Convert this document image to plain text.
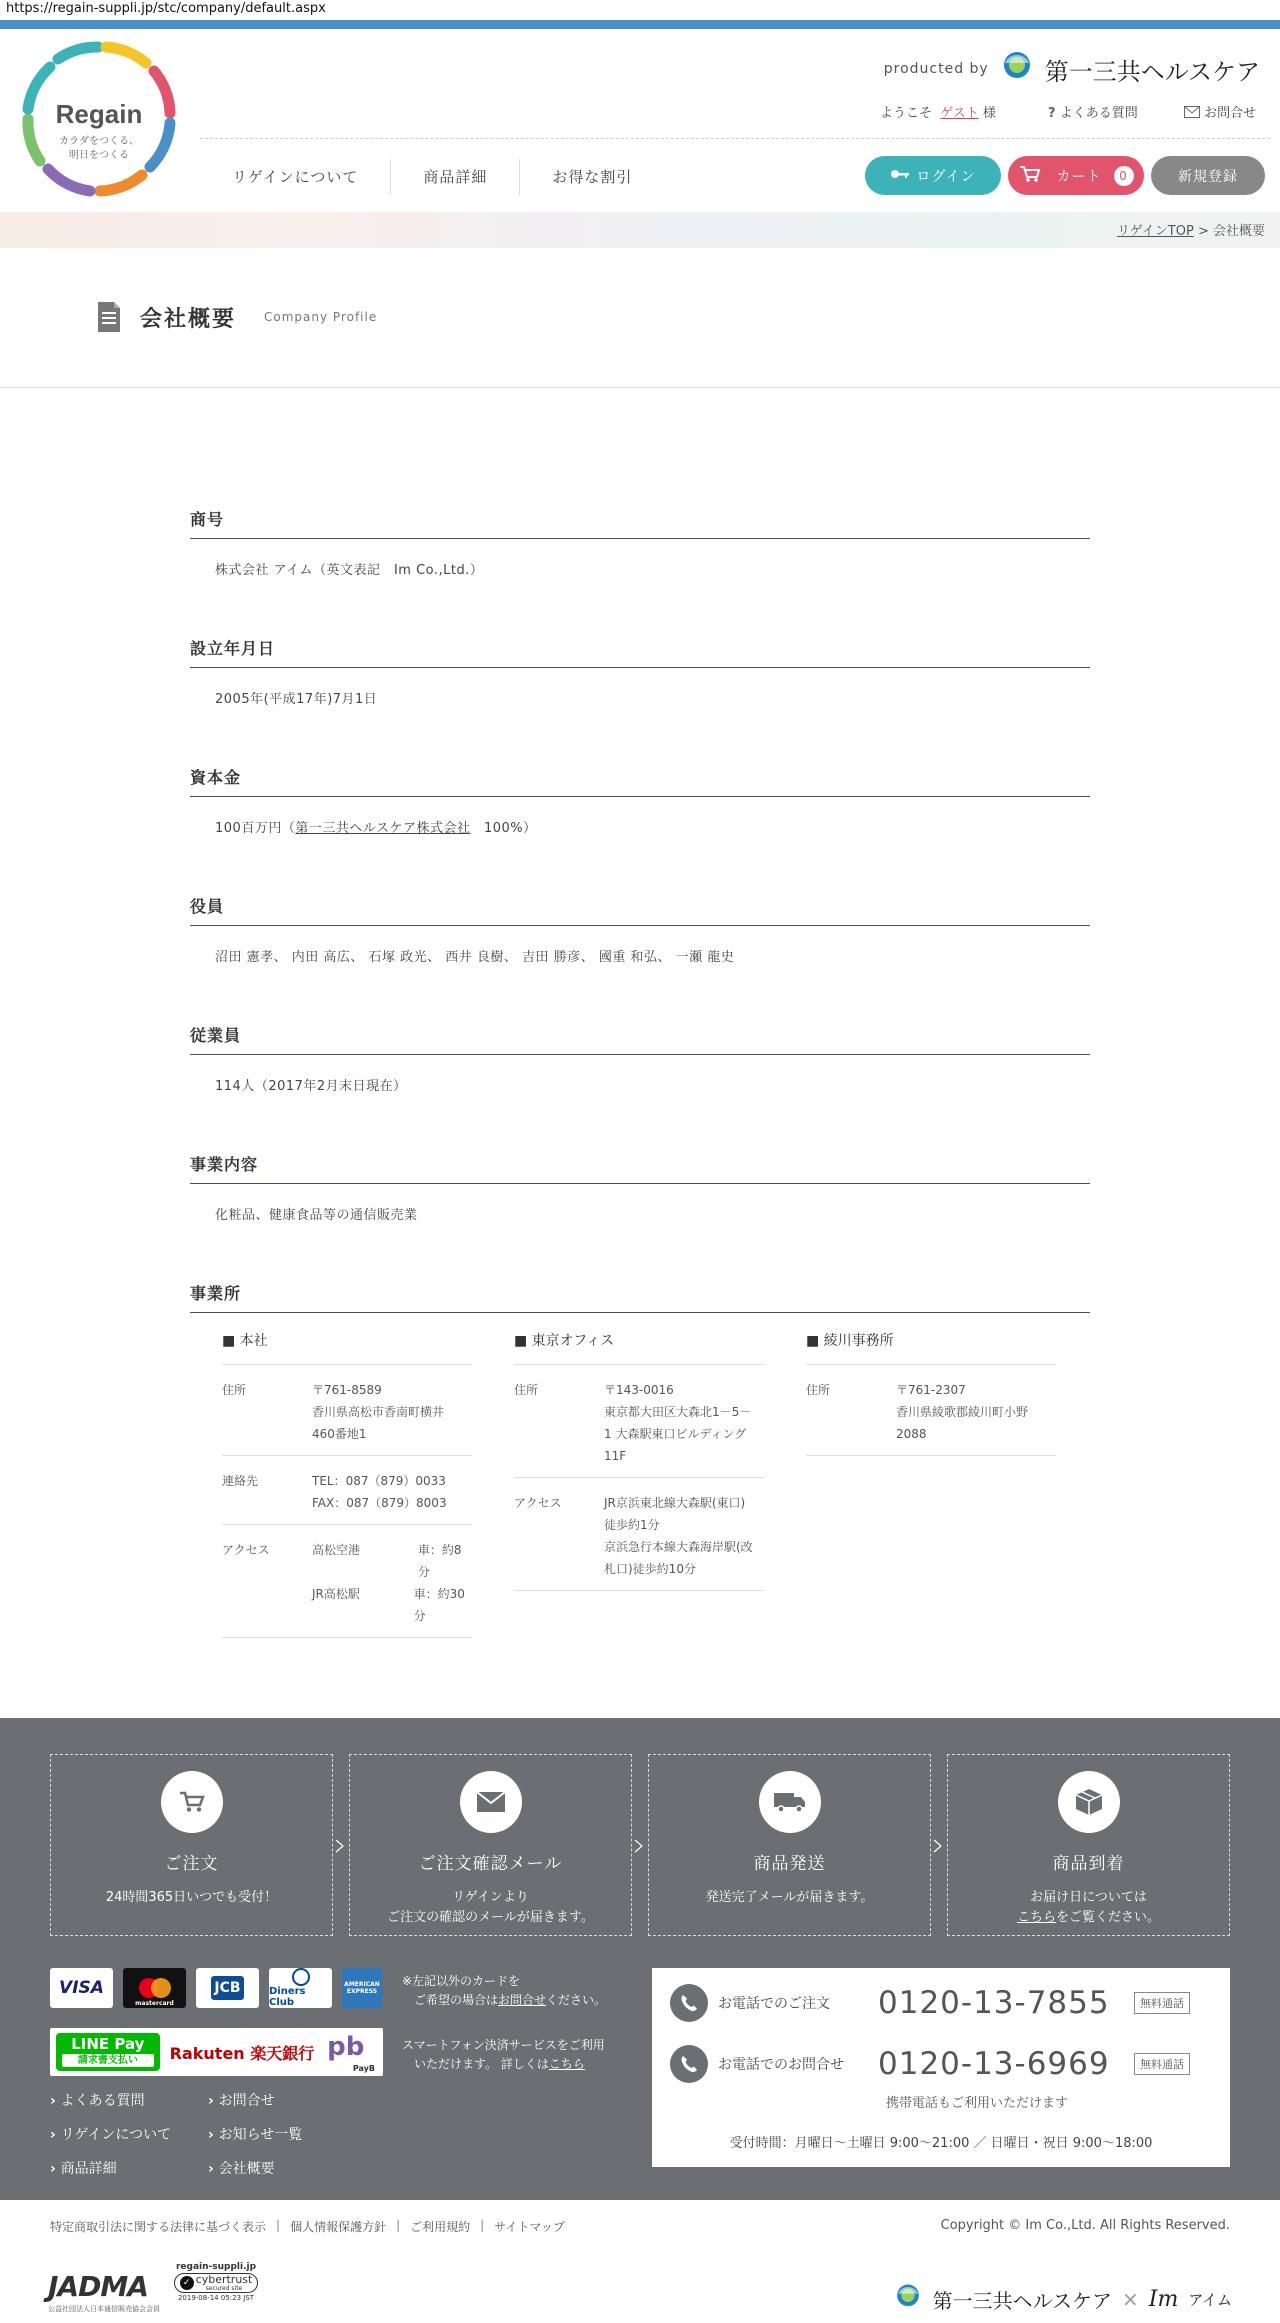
https://regain-suppli.jp/stc/company/default.aspx
Regain
カラダをつくる、
明日をつくる
producted by 第一三共ヘルスケア
ようこそ ゲスト 様	? よくある質問	お問合せ
リゲインについて	商品詳細	お得な割引	ログイン	カート	0	新規登録
リゲインTOP > 会社概要
会社概要 Company Profile
商号

株式会社 アイム（英文表記　Im Co.,Ltd.）

設立年月日

2005年(平成17年)7月1日

資本金

100百万円（第一三共ヘルスケア株式会社　100%）

役員

沼田 憲孝、 内田 高広、 石塚 政光、 西井 良樹、 吉田 勝彦、 國重 和弘、 一瀬 龍史

従業員

114人（2017年2月末日現在）

事業内容

化粧品、健康食品等の通信販売業

事業所
■ 本社
住所	〒761-8589
香川県高松市香南町横井
460番地1
連絡先	TEL：087（879）0033
FAX：087（879）8003
アクセス	高松空港	車：約8分
JR高松駅	車：約30分
■ 東京オフィス
住所	〒143-0016
東京都大田区大森北1－5－
1 大森駅東口ビルディング
11F
アクセス	JR京浜東北線大森駅(東口)
徒歩約1分
京浜急行本線大森海岸駅(改
札口)徒歩約10分
■ 綾川事務所
住所	〒761-2307
香川県綾歌郡綾川町小野
2088
ご注文
24時間365日いつでも受付！
ご注文確認メール
リゲインより
ご注文の確認のメールが届きます。
商品発送
発送完了メールが届きます。
商品到着
お届け日については
こちらをご覧ください。
VISA
mastercard
JCB	Diners Club
AMERICAN EXPRESS
※左記以外のカードを
ご希望の場合はお問合せください。
LINE Pay
請求書支払い	Rakuten 楽天銀行 pb
PayB
スマートフォン決済サービスをご利用
いただけます。 詳しくはこちら
› よくある質問	› お問合せ
› リゲインについて	› お知らせ一覧
› 商品詳細	› 会社概要
お電話でのご注文	0120-13-7855	無料通話
お電話でのお問合せ	0120-13-6969	無料通話
携帯電話もご利用いただけます
受付時間：月曜日～土曜日 9:00～21:00 ／ 日曜日・祝日 9:00～18:00
特定商取引法に関する法律に基づく表示 | 個人情報保護方針 | ご利用規約 | サイトマップ	Copyright © Im Co.,Ltd. All Rights Reserved.
JADMA
公益社団法人日本通信販売協会会員
regain-suppli.jp
✓ cybertrust
secured site
2019-08-14 05:23 JST	第一三共ヘルスケア × Im アイム
